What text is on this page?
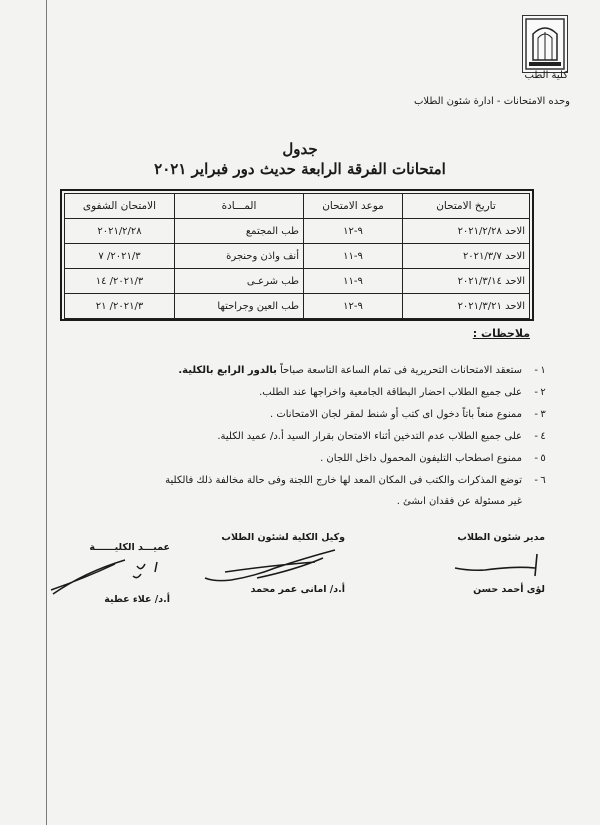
كلية الطب
وحده الامتحانات - ادارة شئون الطلاب
جدول
امتحانات الفرقة الرابعة حديث دور فبراير ٢٠٢١
تاريخ الامتحان	موعد الامتحان	المـــادة	الامتحان الشفوى
الاحد ٢٠٢١/٢/٢٨	٩-١٢	طب المجتمع	٢٠٢١/٢/٢٨
الاحد ٢٠٢١/٣/٧	٩-١١	أنف واذن وحنجرة	٢٠٢١/٣/ ٧
الاحد ٢٠٢١/٣/١٤	٩-١١	طب شرعـى	٢٠٢١/٣/ ١٤
الاحد ٢٠٢١/٣/٢١	٩-١٢	طب العين وجراحتها	٢٠٢١/٣/ ٢١
ملاحظات :
١
-
ستعقد الامتحانات التحريرية فى تمام الساعة التاسعة صباحاً بالدور الرابع بالكلية.
٢
-
على جميع الطلاب احضار البطاقة الجامعية واخراجها عند الطلب.
٣
-
ممنوع منعاً باتاً دخول اى كتب أو شنط لمقر لجان الامتحانات .
٤
-
على جميع الطلاب عدم التدخين أثناء الامتحان بقرار السيد أ.د/ عميد الكلية.
٥
-
ممنوع اصطحاب التليفون المحمول داخل اللجان .
٦
-
توضع المذكرات والكتب فى المكان المعد لها خارج اللجنة وفى حالة مخالفة ذلك فالكلية
غير مسئولة عن فقدان اىشئ .
مدير شئون الطلاب
لؤى أحمد حسن
وكيل الكلية لشئون الطلاب
أ.د/ امانى عمر محمد
عميـــد الكليــــــة
أ.د/ علاء عطية
